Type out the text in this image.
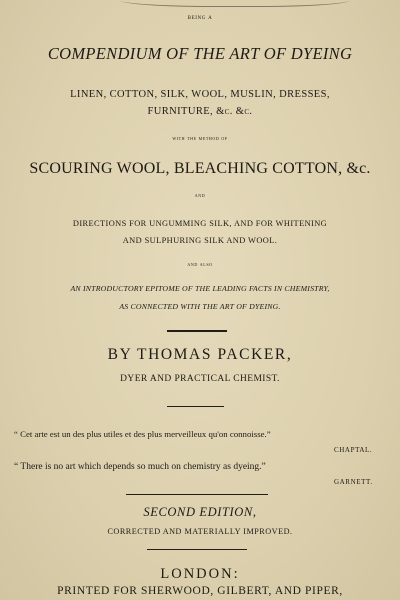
being a
COMPENDIUM OF THE ART OF DYEING
LINEN, COTTON, SILK, WOOL, MUSLIN, DRESSES,
FURNITURE, &c. &c.
with the method of
SCOURING WOOL, BLEACHING COTTON, &c.
and
DIRECTIONS FOR UNGUMMING SILK, AND FOR WHITENING
AND SULPHURING SILK AND WOOL.
and also
AN INTRODUCTORY EPITOME OF THE LEADING FACTS IN CHEMISTRY,
AS CONNECTED WITH THE ART OF DYEING.
BY THOMAS PACKER,
DYER AND PRACTICAL CHEMIST.
“ Cet arte est un des plus utiles et des plus merveilleux qu'on connoisse.”
CHAPTAL.
“ There is no art which depends so much on chemistry as dyeing.”
GARNETT.
SECOND EDITION,
CORRECTED AND MATERIALLY IMPROVED.
LONDON:
PRINTED FOR SHERWOOD, GILBERT, AND PIPER,
